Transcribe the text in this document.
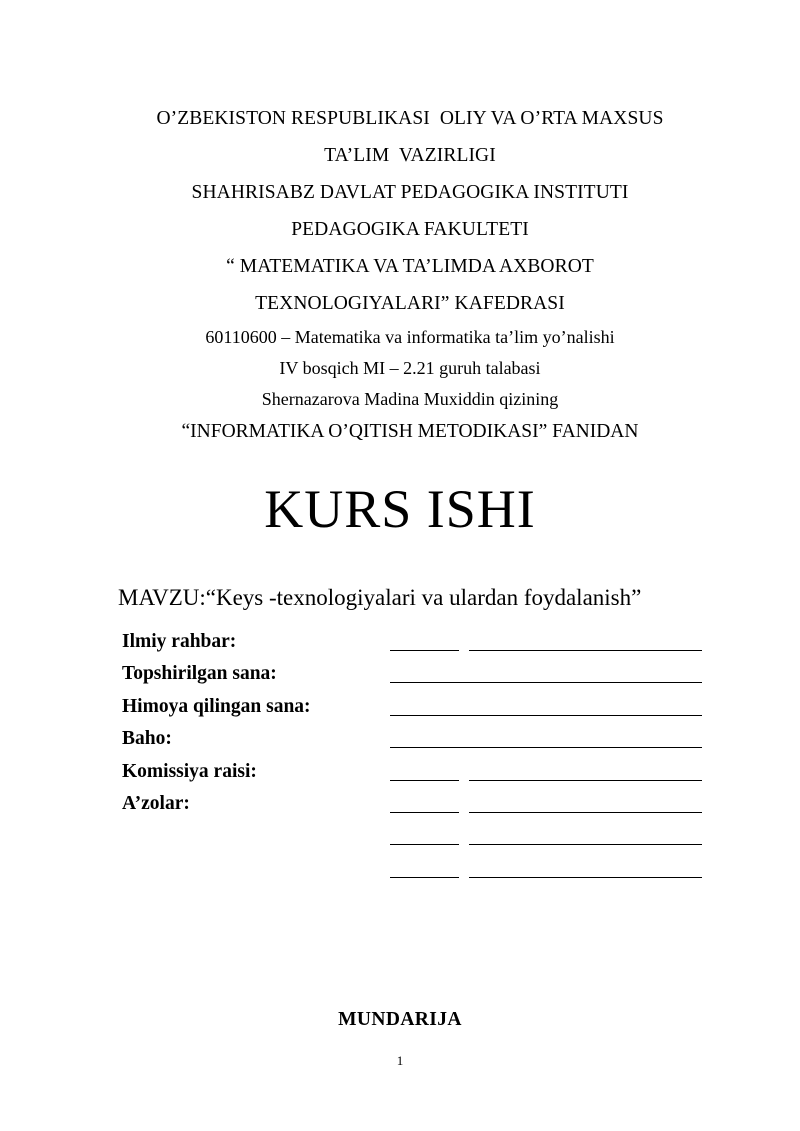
O’ZBEKISTON RESPUBLIKASI  OLIY VA O’RTA MAXSUS
TA’LIM  VAZIRLIGI
SHAHRISABZ DAVLAT PEDAGOGIKA INSTITUTI
PEDAGOGIKA FAKULTETI
“ MATEMATIKA VA TA’LIMDA AXBOROT
TEXNOLOGIYALARI” KAFEDRASI
60110600 – Matematika va informatika ta’lim yo’nalishi
IV bosqich MI – 2.21 guruh talabasi
Shernazarova Madina Muxiddin qizining
“INFORMATIKA O’QITISH METODIKASI” FANIDAN
KURS ISHI
MAVZU:“Keys -texnologiyalari va ulardan foydalanish”
Ilmiy rahbar:
Topshirilgan sana:
Himoya qilingan sana:
Baho:
Komissiya raisi:
A’zolar:
MUNDARIJA
1
